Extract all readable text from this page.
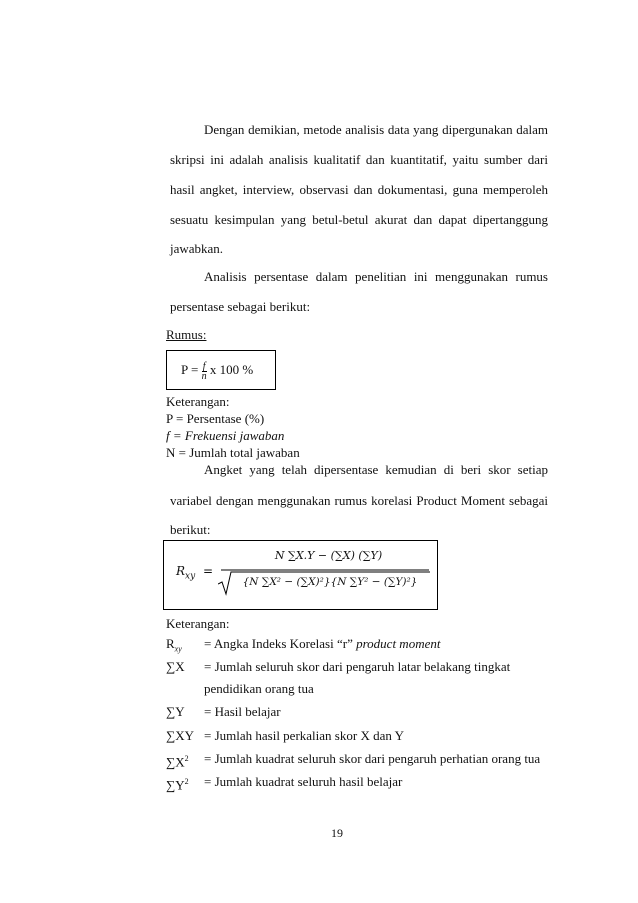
Dengan demikian, metode analisis data yang dipergunakan dalam
skripsi ini adalah analisis kualitatif dan kuantitatif, yaitu sumber dari
hasil angket, interview, observasi dan dokumentasi, guna memperoleh
sesuatu kesimpulan yang betul-betul akurat dan dapat dipertanggung
jawabkan.
Analisis persentase dalam penelitian ini menggunakan rumus
persentase sebagai berikut:
Rumus:
$P = \frac{f}{n}$ x 100 %
Keterangan:
P = Persentase (%)
f = Frekuensi jawaban
N = Jumlah total jawaban
Angket yang telah dipersentase kemudian di beri skor setiap
variabel dengan menggunakan rumus korelasi Product Moment sebagai
berikut:
$R_{xy}$ =
N ∑X.Y − (∑X) (∑Y)
{N ∑X² − (∑X)²}{N ∑Y² − (∑Y)²}
Keterangan:
$R_{xy}$ = Angka Indeks Korelasi “r” product moment
∑X = Jumlah seluruh skor dari pengaruh latar belakang tingkat
pendidikan orang tua
∑Y = Hasil belajar
∑XY = Jumlah hasil perkalian skor X dan Y
$\sum X^2$ = Jumlah kuadrat seluruh skor dari pengaruh perhatian orang tua
$\sum Y^2$ = Jumlah kuadrat seluruh hasil belajar
19
